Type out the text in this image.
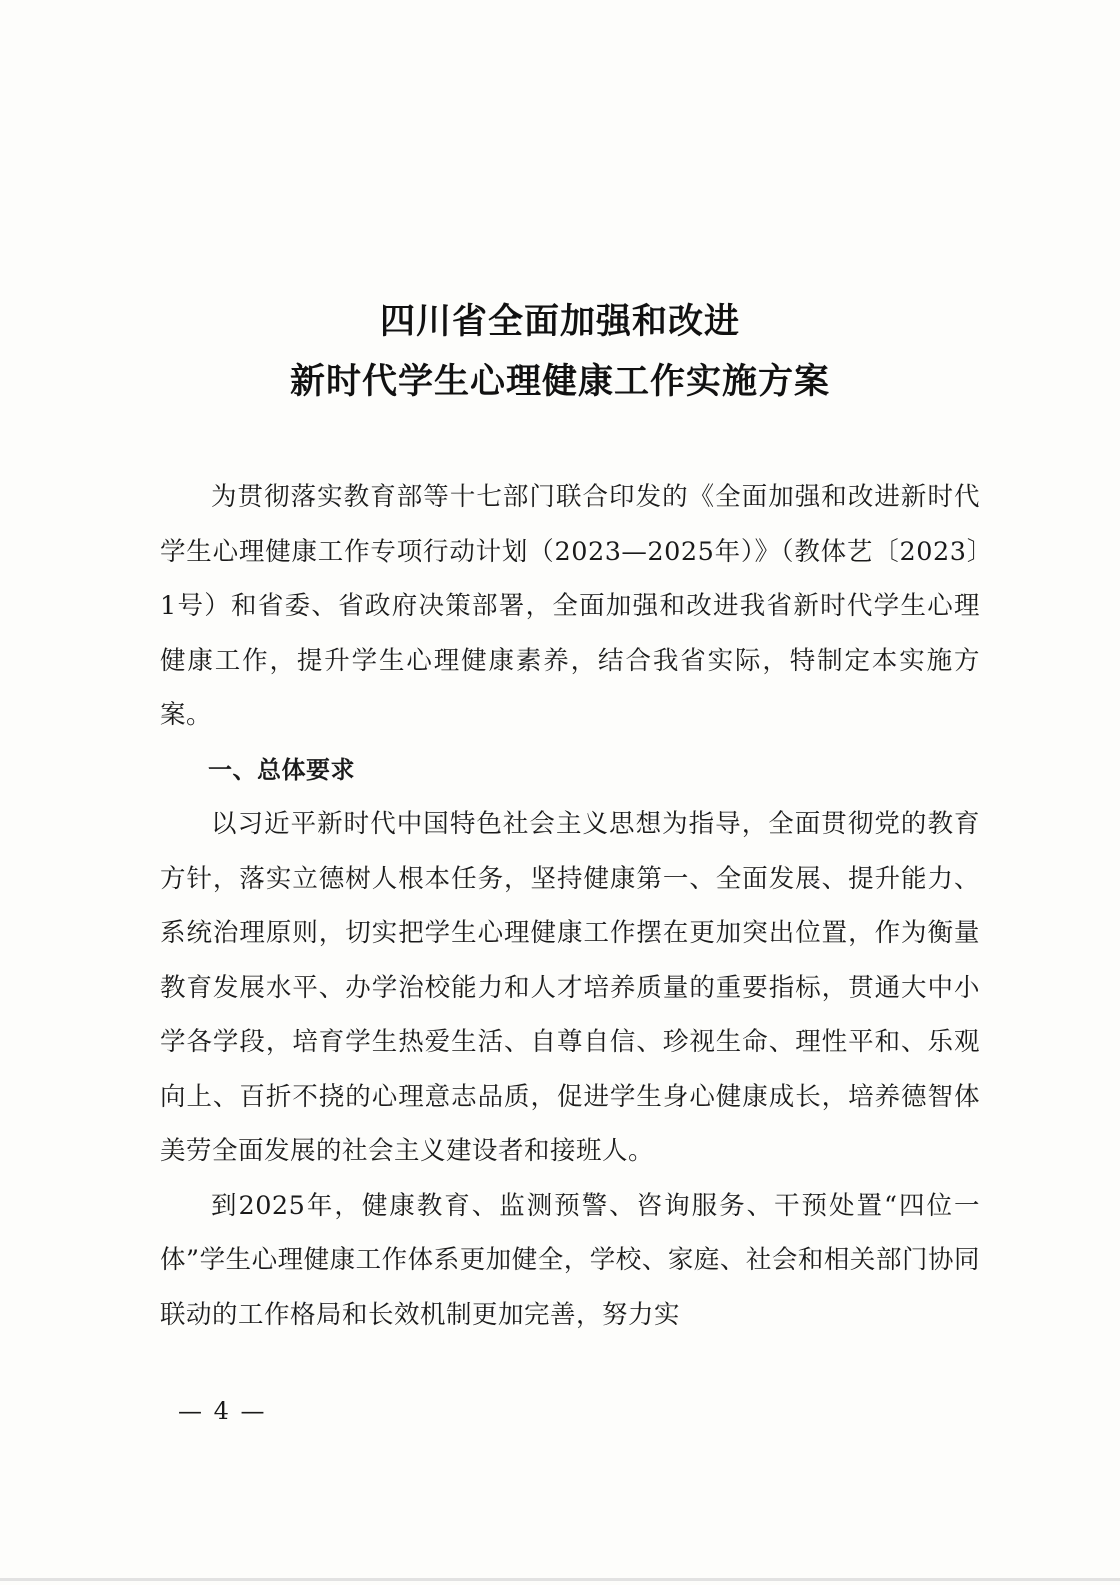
四川省全面加强和改进
新时代学生心理健康工作实施方案

为贯彻落实教育部等十七部门联合印发的《全面加强和改进新时代学生心理健康工作专项行动计划（2023—2025年）》（教体艺〔2023〕1号）和省委、省政府决策部署，全面加强和改进我省新时代学生心理健康工作，提升学生心理健康素养，结合我省实际，特制定本实施方案。

一、总体要求

以习近平新时代中国特色社会主义思想为指导，全面贯彻党的教育方针，落实立德树人根本任务，坚持健康第一、全面发展、提升能力、系统治理原则，切实把学生心理健康工作摆在更加突出位置，作为衡量教育发展水平、办学治校能力和人才培养质量的重要指标，贯通大中小学各学段，培育学生热爱生活、自尊自信、珍视生命、理性平和、乐观向上、百折不挠的心理意志品质，促进学生身心健康成长，培养德智体美劳全面发展的社会主义建设者和接班人。

到2025年，健康教育、监测预警、咨询服务、干预处置“四位一体”学生心理健康工作体系更加健全，学校、家庭、社会和相关部门协同联动的工作格局和长效机制更加完善，努力实

— 4 —
